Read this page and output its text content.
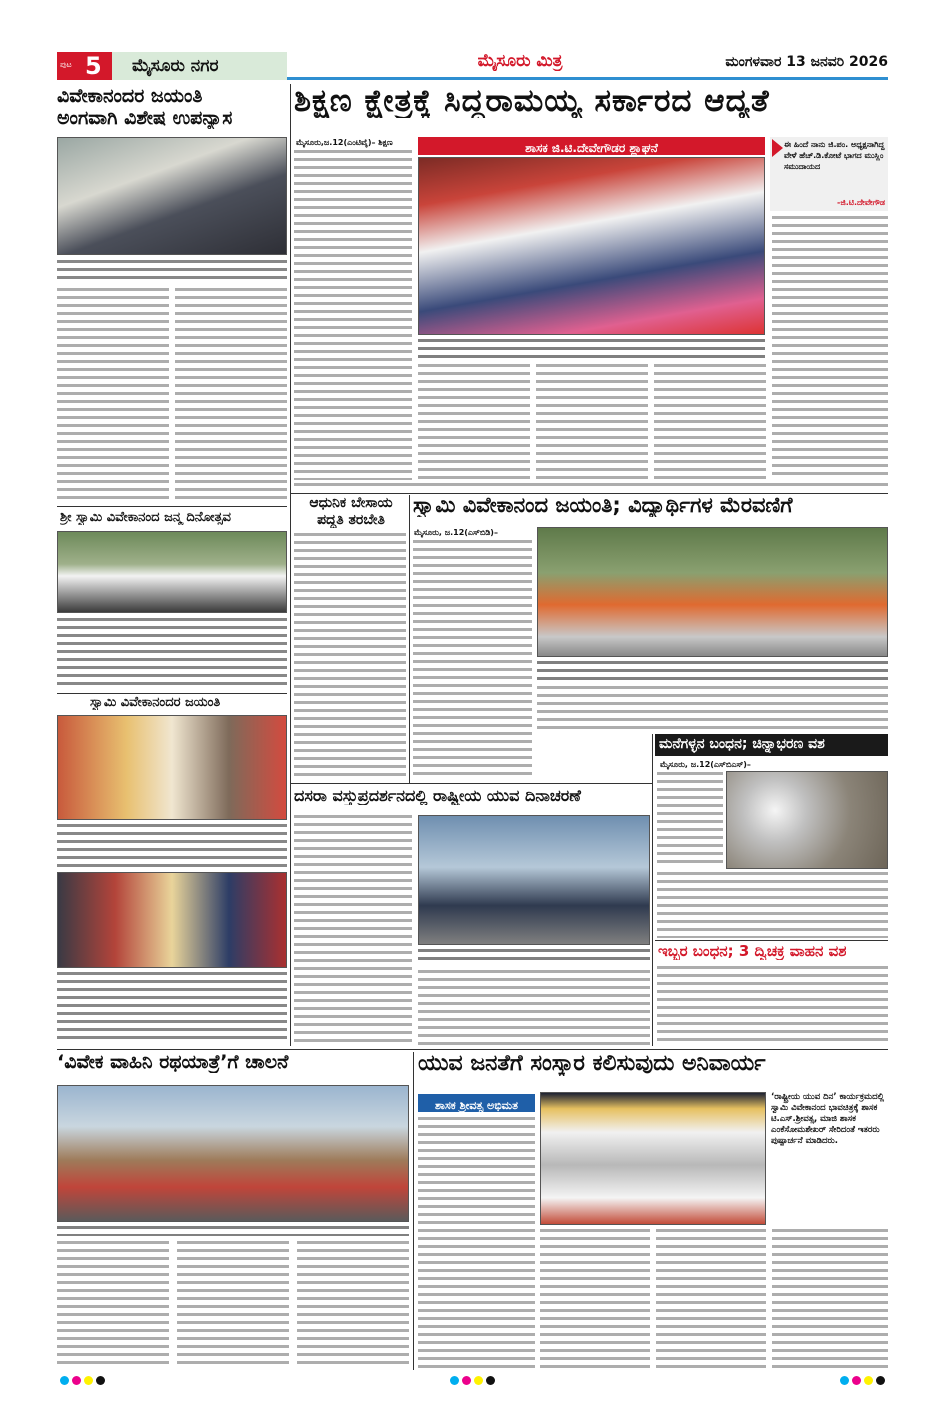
ಪುಟ 5 ಮೈಸೂರು ನಗರ	ಮೈಸೂರು ಮಿತ್ರ	ಮಂಗಳವಾರ 13 ಜನವರಿ 2026
ವಿವೇಕಾನಂದರ ಜಯಂತಿ
ಅಂಗವಾಗಿ ವಿಶೇಷ ಉಪನ್ಯಾಸ
ಶ್ರೀ ಸ್ವಾಮಿ ವಿವೇಕಾನಂದ ಜನ್ಮ ದಿನೋತ್ಸವ
ಸ್ವಾಮಿ ವಿವೇಕಾನಂದರ ಜಯಂತಿ
ಶಿಕ್ಷಣ ಕ್ಷೇತ್ರಕ್ಕೆ ಸಿದ್ದರಾಮಯ್ಯ ಸರ್ಕಾರದ ಆದ್ಯತೆ
ಮೈಸೂರು,ಜ.12(ಎಂಟಿವೈ)– ಶಿಕ್ಷಣ	ಶಾಸಕ ಜಿ.ಟಿ.ದೇವೇಗೌಡರ ಶ್ಲಾಘನೆ	ಈ ಹಿಂದೆ ನಾನು ಜಿ.ಪಂ. ಅಧ್ಯಕ್ಷನಾಗಿದ್ದ ವೇಳೆ ಹೆಚ್.ಡಿ.ಕೋಟೆ ಭಾಗದ ಮುಸ್ಲಿಂ ಸಮುದಾಯದ
-ಜಿ.ಟಿ.ದೇವೇಗೌಡ
ಆಧುನಿಕ ಬೇಸಾಯ
ಪದ್ಧತಿ ತರಬೇತಿ
ಸ್ವಾಮಿ ವಿವೇಕಾನಂದ ಜಯಂತಿ; ವಿದ್ಯಾರ್ಥಿಗಳ ಮೆರವಣಿಗೆ
ಮೈಸೂರು, ಜ.12(ಎಸ್‌ಬಿಡಿ)–
ಮನೆಗಳ್ಳನ ಬಂಧನ; ಚಿನ್ನಾಭರಣ ವಶ
ಮೈಸೂರು, ಜ.12(ಎಸ್‌ಬಿಎಸ್)–
ಇಬ್ಬರ ಬಂಧನ; 3 ದ್ವಿಚಕ್ರ ವಾಹನ ವಶ
ದಸರಾ ವಸ್ತುಪ್ರದರ್ಶನದಲ್ಲಿ ರಾಷ್ಟ್ರೀಯ ಯುವ ದಿನಾಚರಣೆ
‘ವಿವೇಕ ವಾಹಿನಿ ರಥಯಾತ್ರೆ’ಗೆ ಚಾಲನೆ	ಯುವ ಜನತೆಗೆ ಸಂಸ್ಕಾರ ಕಲಿಸುವುದು ಅನಿವಾರ್ಯ
ಶಾಸಕ ಶ್ರೀವತ್ಸ ಅಭಿಮತ
‘ರಾಷ್ಟ್ರೀಯ ಯುವ ದಿನ’ ಕಾರ್ಯಕ್ರಮದಲ್ಲಿ ಸ್ವಾಮಿ ವಿವೇಕಾನಂದ ಭಾವಚಿತ್ರಕ್ಕೆ ಶಾಸಕ ಟಿ.ಎಸ್.ಶ್ರೀವತ್ಸ, ಮಾಜಿ ಶಾಸಕ ಎಂಕೆಸೋಮಶೇಖರ್ ಸೇರಿದಂತೆ ಇತರರು ಪುಷ್ಪಾರ್ಚನೆ ಮಾಡಿದರು.
